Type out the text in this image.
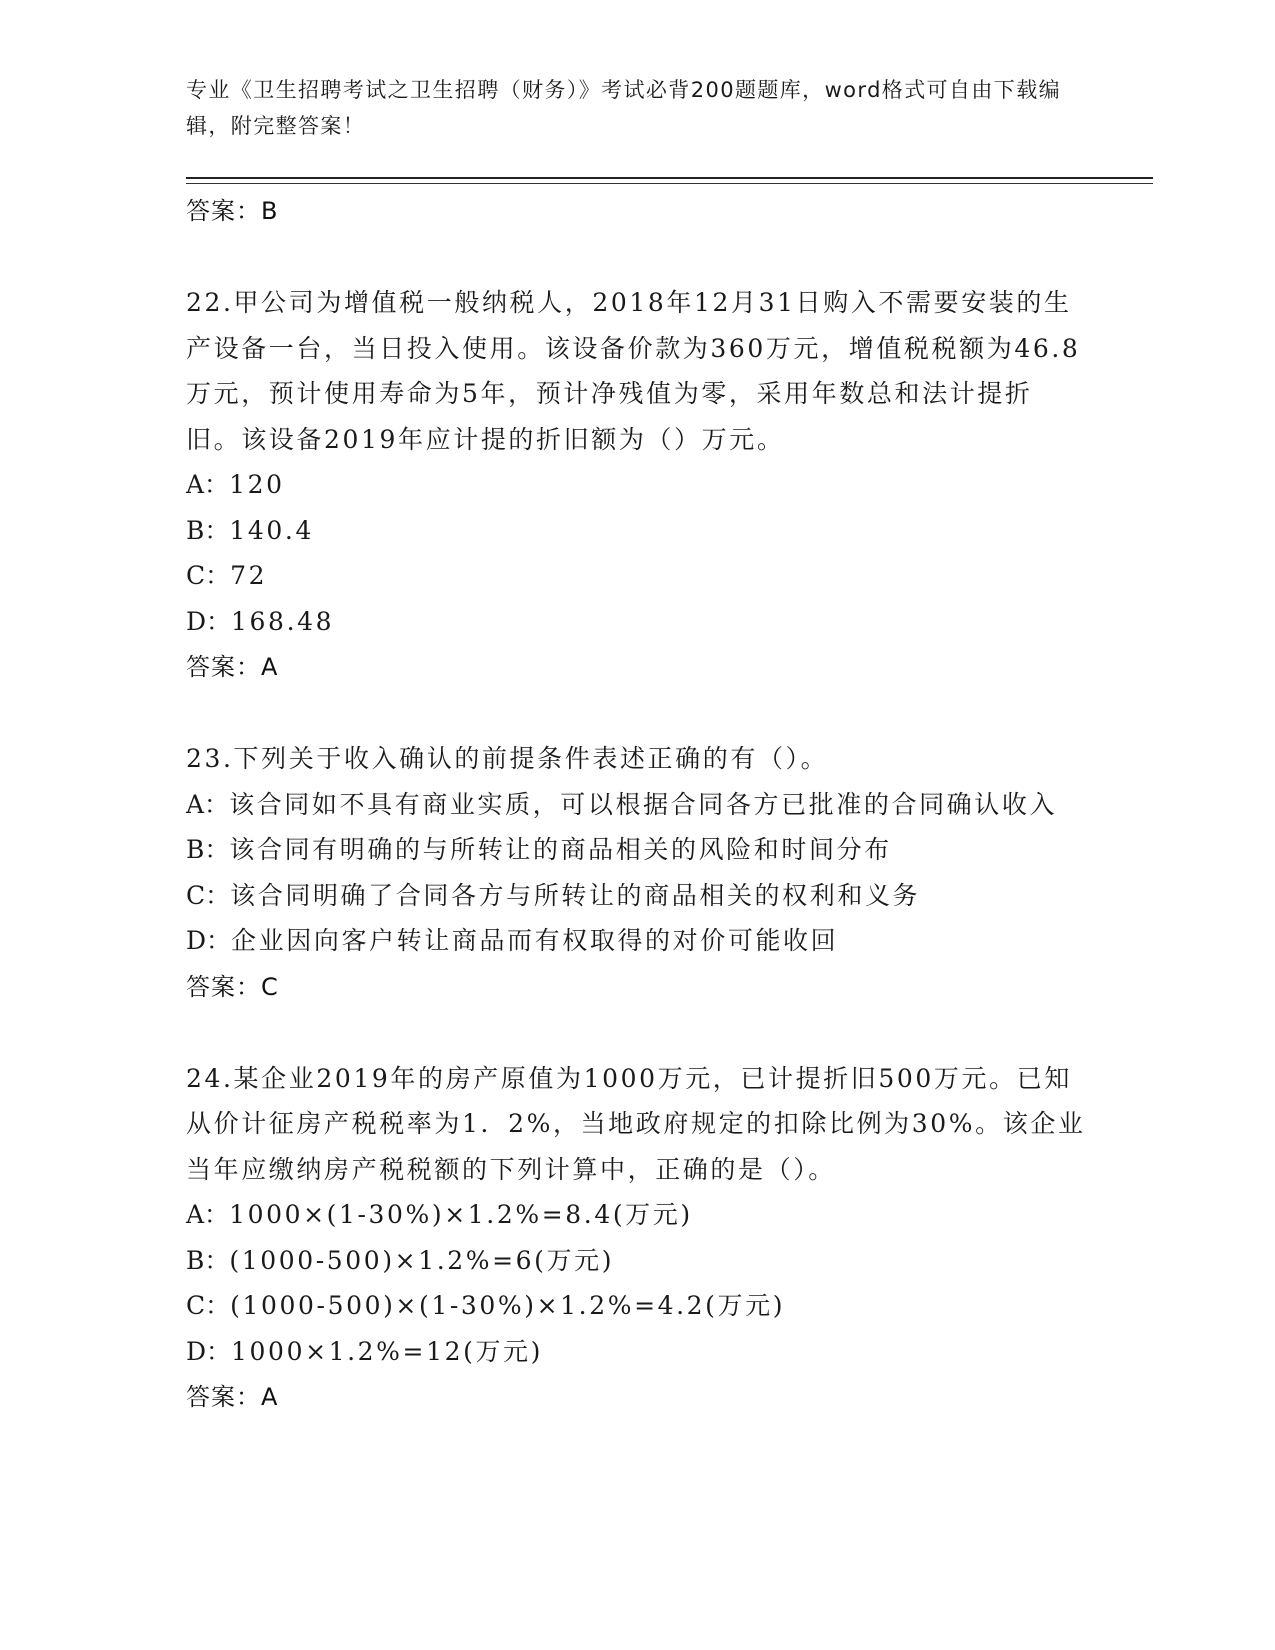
专业《卫生招聘考试之卫生招聘（财务）》考试必背200题题库，word格式可自由下载编辑，附完整答案！
答案：B
22.甲公司为增值税一般纳税人，2018年12月31日购入不需要安装的生产设备一台，当日投入使用。该设备价款为360万元，增值税税额为46.8万元，预计使用寿命为5年，预计净残值为零，采用年数总和法计提折旧。该设备2019年应计提的折旧额为（）万元。
A： 120
B： 140.4
C： 72
D： 168.48
答案：A
23.下列关于收入确认的前提条件表述正确的有（）。
A： 该合同如不具有商业实质，可以根据合同各方已批准的合同确认收入
B： 该合同有明确的与所转让的商品相关的风险和时间分布
C： 该合同明确了合同各方与所转让的商品相关的权利和义务
D： 企业因向客户转让商品而有权取得的对价可能收回
答案：C
24.某企业2019年的房产原值为1000万元，已计提折旧500万元。已知从价计征房产税税率为1．2%，当地政府规定的扣除比例为30%。该企业当年应缴纳房产税税额的下列计算中，正确的是（）。
A： 1000×(1-30%)×1.2%=8.4(万元)
B： (1000-500)×1.2%=6(万元)
C： (1000-500)×(1-30%)×1.2%=4.2(万元)
D： 1000×1.2%=12(万元)
答案：A
